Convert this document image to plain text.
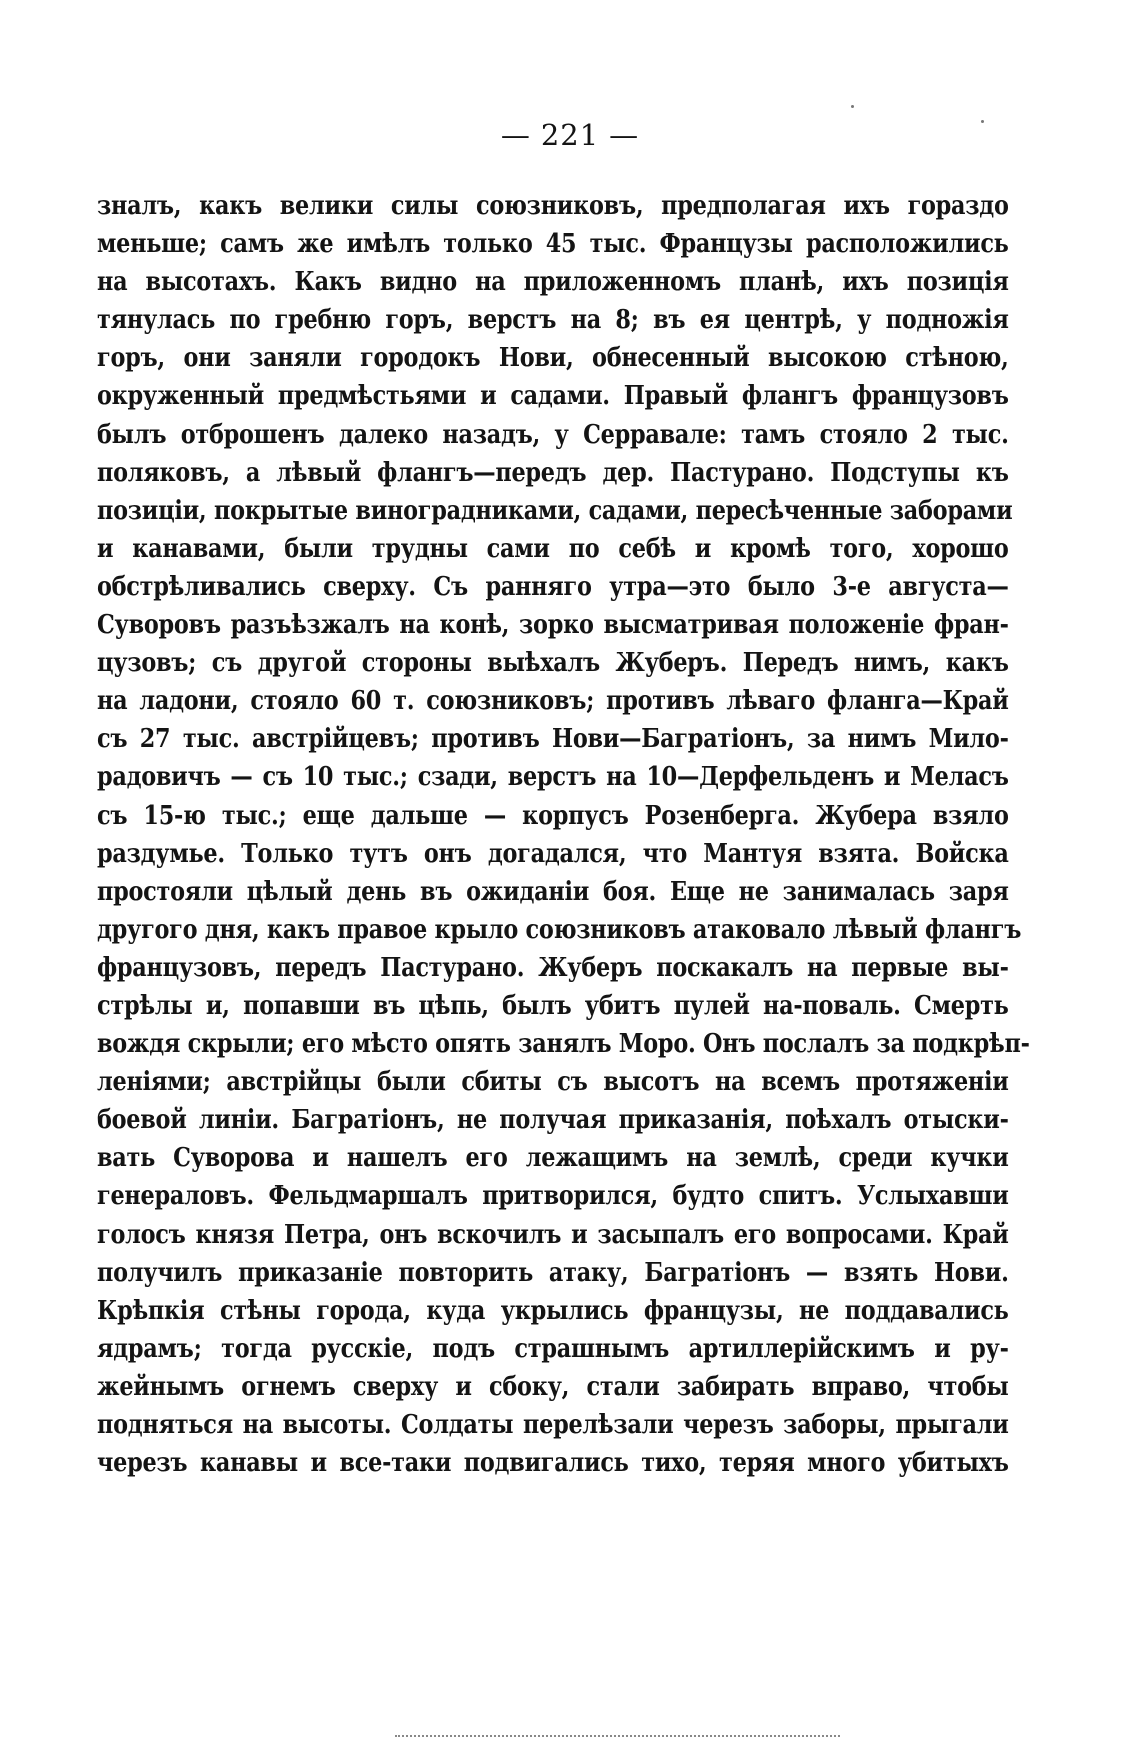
— 221 —
зналъ, какъ велики силы союзниковъ, предполагая ихъ гораздо
меньше; самъ же имѣлъ только 45 тыс. Французы расположились
на высотахъ. Какъ видно на приложенномъ планѣ, ихъ позиція
тянулась по гребню горъ, верстъ на 8; въ ея центрѣ, у подножія
горъ, они заняли городокъ Нови, обнесенный высокою стѣною,
окруженный предмѣстьями и садами. Правый флангъ французовъ
былъ отброшенъ далеко назадъ, у Серравале: тамъ стояло 2 тыс.
поляковъ, а лѣвый флангъ—передъ дер. Пастурано. Подступы къ
позиціи, покрытые виноградниками, садами, пересѣченные заборами
и канавами, были трудны сами по себѣ и кромѣ того, хорошо
обстрѣливались сверху. Съ ранняго утра—это было 3-е августа—
Суворовъ разъѣзжалъ на конѣ, зорко высматривая положеніе фран-
цузовъ; съ другой стороны выѣхалъ Жуберъ. Передъ нимъ, какъ
на ладони, стояло 60 т. союзниковъ; противъ лѣваго фланга—Край
съ 27 тыс. австрійцевъ; противъ Нови—Багратіонъ, за нимъ Мило-
радовичъ — съ 10 тыс.; сзади, верстъ на 10—Дерфельденъ и Меласъ
съ 15-ю тыс.; еще дальше — корпусъ Розенберга. Жубера взяло
раздумье. Только тутъ онъ догадался, что Мантуя взята. Войска
простояли цѣлый день въ ожиданіи боя. Еще не занималась заря
другого дня, какъ правое крыло союзниковъ атаковало лѣвый флангъ
французовъ, передъ Пастурано. Жуберъ поскакалъ на первые вы-
стрѣлы и, попавши въ цѣпь, былъ убитъ пулей на-поваль. Смерть
вождя скрыли; его мѣсто опять занялъ Моро. Онъ послалъ за подкрѣп-
леніями; австрійцы были сбиты съ высотъ на всемъ протяженіи
боевой линіи. Багратіонъ, не получая приказанія, поѣхалъ отыски-
вать Суворова и нашелъ его лежащимъ на землѣ, среди кучки
генераловъ. Фельдмаршалъ притворился, будто спитъ. Услыхавши
голосъ князя Петра, онъ вскочилъ и засыпалъ его вопросами. Край
получилъ приказаніе повторить атаку, Багратіонъ — взять Нови.
Крѣпкія стѣны города, куда укрылись французы, не поддавались
ядрамъ; тогда русскіе, подъ страшнымъ артиллерійскимъ и ру-
жейнымъ огнемъ сверху и сбоку, стали забирать вправо, чтобы
подняться на высоты. Солдаты перелѣзали черезъ заборы, прыгали
черезъ канавы и все-таки подвигались тихо, теряя много убитыхъ
